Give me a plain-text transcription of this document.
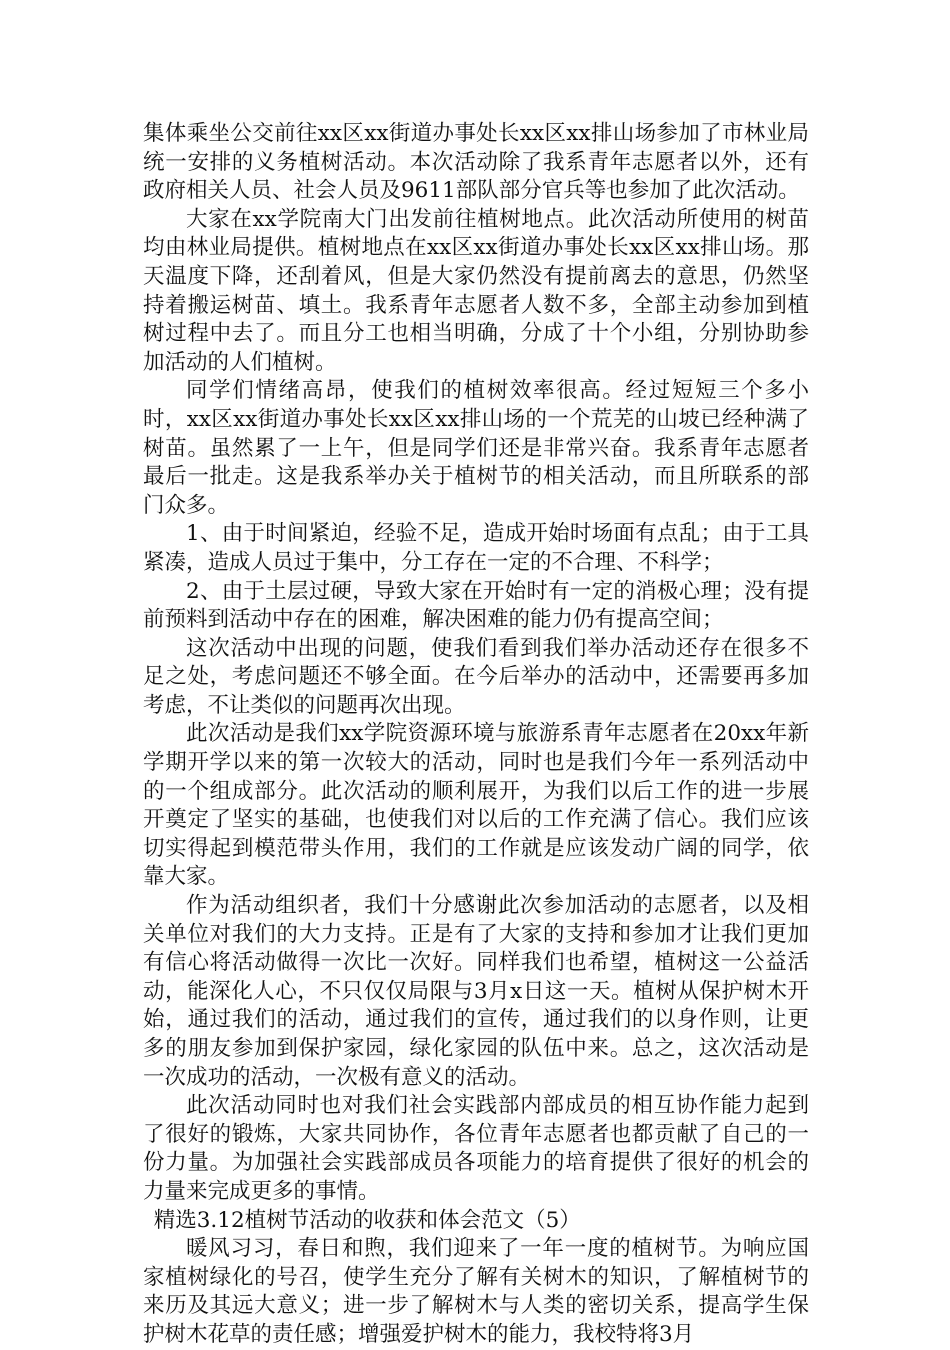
集体乘坐公交前往xx区xx街道办事处长xx区xx排山场参加了市林业局统一安排的义务植树活动。本次活动除了我系青年志愿者以外，还有政府相关人员、社会人员及9611部队部分官兵等也参加了此次活动。

大家在xx学院南大门出发前往植树地点。此次活动所使用的树苗均由林业局提供。植树地点在xx区xx街道办事处长xx区xx排山场。那天温度下降，还刮着风，但是大家仍然没有提前离去的意思，仍然坚持着搬运树苗、填土。我系青年志愿者人数不多，全部主动参加到植树过程中去了。而且分工也相当明确，分成了十个小组，分别协助参加活动的人们植树。

同学们情绪高昂，使我们的植树效率很高。经过短短三个多小时，xx区xx街道办事处长xx区xx排山场的一个荒芜的山坡已经种满了树苗。虽然累了一上午，但是同学们还是非常兴奋。我系青年志愿者最后一批走。这是我系举办关于植树节的相关活动，而且所联系的部门众多。

1、由于时间紧迫，经验不足，造成开始时场面有点乱；由于工具紧凑，造成人员过于集中，分工存在一定的不合理、不科学；

2、由于土层过硬，导致大家在开始时有一定的消极心理；没有提前预料到活动中存在的困难，解决困难的能力仍有提高空间；

这次活动中出现的问题，使我们看到我们举办活动还存在很多不足之处，考虑问题还不够全面。在今后举办的活动中，还需要再多加考虑，不让类似的问题再次出现。

此次活动是我们xx学院资源环境与旅游系青年志愿者在20xx年新学期开学以来的第一次较大的活动，同时也是我们今年一系列活动中的一个组成部分。此次活动的顺利展开，为我们以后工作的进一步展开奠定了坚实的基础，也使我们对以后的工作充满了信心。我们应该切实得起到模范带头作用，我们的工作就是应该发动广阔的同学，依靠大家。

作为活动组织者，我们十分感谢此次参加活动的志愿者，以及相关单位对我们的大力支持。正是有了大家的支持和参加才让我们更加有信心将活动做得一次比一次好。同样我们也希望，植树这一公益活动，能深化人心，不只仅仅局限与3月x日这一天。植树从保护树木开始，通过我们的活动，通过我们的宣传，通过我们的以身作则，让更多的朋友参加到保护家园，绿化家园的队伍中来。总之，这次活动是一次成功的活动，一次极有意义的活动。

此次活动同时也对我们社会实践部内部成员的相互协作能力起到了很好的锻炼，大家共同协作，各位青年志愿者也都贡献了自己的一份力量。为加强社会实践部成员各项能力的培育提供了很好的机会的力量来完成更多的事情。

精选3.12植树节活动的收获和体会范文（5）

暖风习习，春日和煦，我们迎来了一年一度的植树节。为响应国家植树绿化的号召，使学生充分了解有关树木的知识，了解植树节的来历及其远大意义；进一步了解树木与人类的密切关系，提高学生保护树木花草的责任感；增强爱护树木的能力，我校特将3月
